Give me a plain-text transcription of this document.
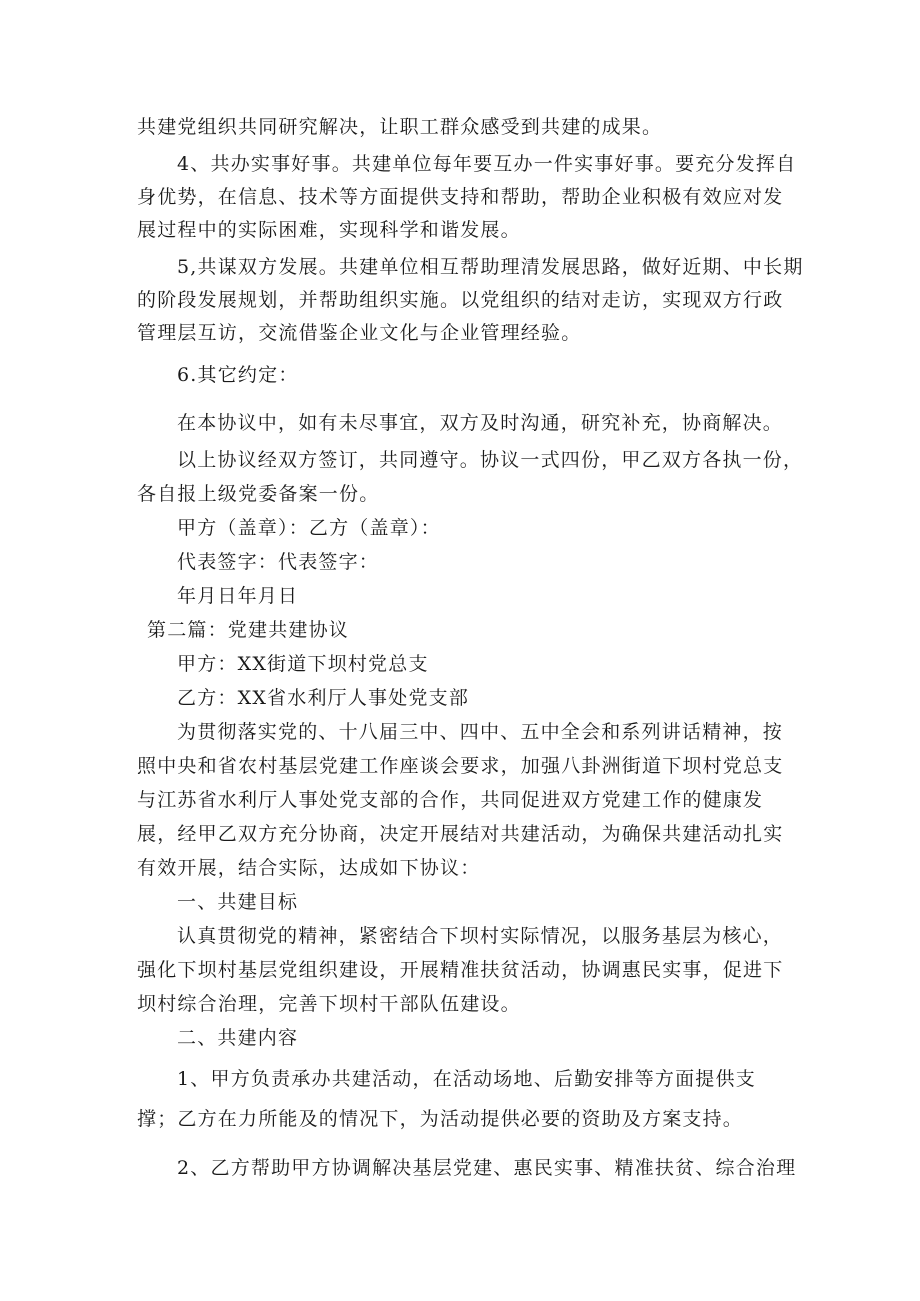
共建党组织共同研究解决，让职工群众感受到共建的成果。

4、共办实事好事。共建单位每年要互办一件实事好事。要充分发挥自

身优势，在信息、技术等方面提供支持和帮助，帮助企业积极有效应对发

展过程中的实际困难，实现科学和谐发展。

5,共谋双方发展。共建单位相互帮助理清发展思路，做好近期、中长期

的阶段发展规划，并帮助组织实施。以党组织的结对走访，实现双方行政

管理层互访，交流借鉴企业文化与企业管理经验。

6.其它约定：

在本协议中，如有未尽事宜，双方及时沟通，研究补充，协商解决。

以上协议经双方签订，共同遵守。协议一式四份，甲乙双方各执一份，

各自报上级党委备案一份。

甲方（盖章）：乙方（盖章）：

代表签字：代表签字：

年月日年月日

第二篇：党建共建协议

甲方：XX街道下坝村党总支

乙方：XX省水利厅人事处党支部

为贯彻落实党的、十八届三中、四中、五中全会和系列讲话精神，按

照中央和省农村基层党建工作座谈会要求，加强八卦洲街道下坝村党总支

与江苏省水利厅人事处党支部的合作，共同促进双方党建工作的健康发

展，经甲乙双方充分协商，决定开展结对共建活动，为确保共建活动扎实

有效开展，结合实际，达成如下协议：

一、共建目标

认真贯彻党的精神，紧密结合下坝村实际情况，以服务基层为核心，

强化下坝村基层党组织建设，开展精准扶贫活动，协调惠民实事，促进下

坝村综合治理，完善下坝村干部队伍建设。

二、共建内容

1、甲方负责承办共建活动，在活动场地、后勤安排等方面提供支

撑；乙方在力所能及的情况下，为活动提供必要的资助及方案支持。

2、乙方帮助甲方协调解决基层党建、惠民实事、精准扶贫、综合治理
